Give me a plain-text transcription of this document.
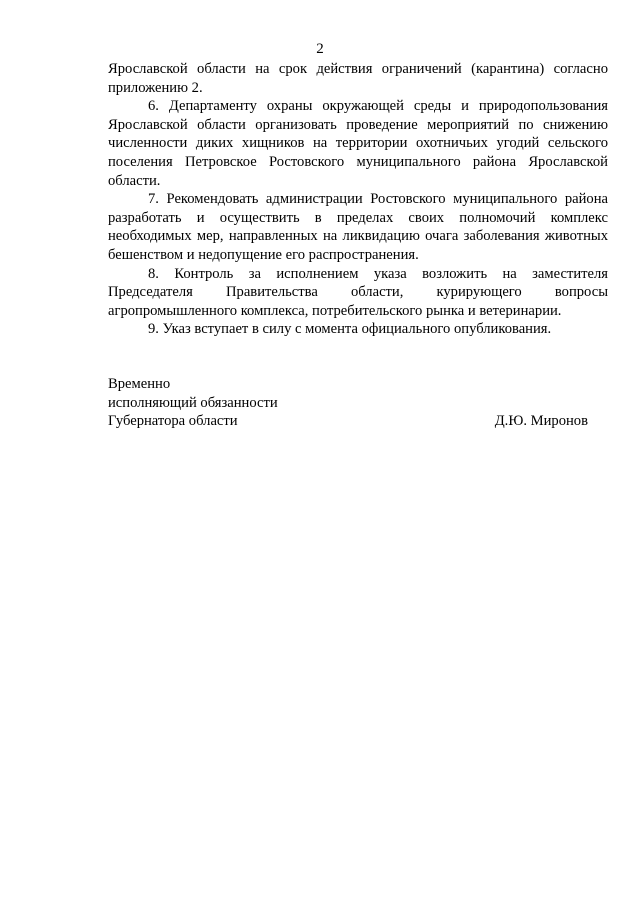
2

Ярославской области на срок действия ограничений (карантина) согласно приложению 2.

6. Департаменту охраны окружающей среды и природопользования Ярославской области организовать проведение мероприятий по снижению численности диких хищников на территории охотничьих угодий сельского поселения Петровское Ростовского муниципального района Ярославской области.

7. Рекомендовать администрации Ростовского муниципального района разработать и осуществить в пределах своих полномочий комплекс необходимых мер, направленных на ликвидацию очага заболевания животных бешенством и недопущение его распространения.

8. Контроль за исполнением указа возложить на заместителя Председателя Правительства области, курирующего вопросы агропромышленного комплекса, потребительского рынка и ветеринарии.

9. Указ вступает в силу с момента официального опубликования.

Временно

исполняющий обязанности

Губернатора области	Д.Ю. Миронов
